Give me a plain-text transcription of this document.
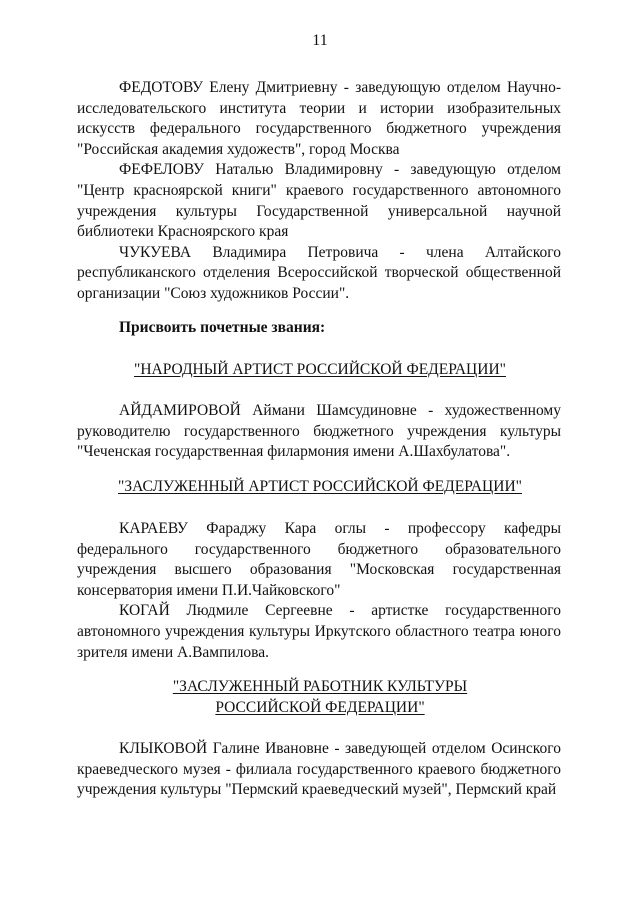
11

ФЕДОТОВУ Елену Дмитриевну - заведующую отделом Научно-исследовательского института теории и истории изобразительных искусств федерального государственного бюджетного учреждения "Российская академия художеств", город Москва

ФЕФЕЛОВУ Наталью Владимировну - заведующую отделом "Центр красноярской книги" краевого государственного автономного учреждения культуры Государственной универсальной научной библиотеки Красноярского края

ЧУКУЕВА Владимира Петровича - члена Алтайского республиканского отделения Всероссийской творческой общественной организации "Союз художников России".

Присвоить почетные звания:
"НАРОДНЫЙ АРТИСТ РОССИЙСКОЙ ФЕДЕРАЦИИ"

АЙДАМИРОВОЙ Аймани Шамсудиновне - художественному руководителю государственного бюджетного учреждения культуры "Чеченская государственная филармония имени А.Шахбулатова".

"ЗАСЛУЖЕННЫЙ АРТИСТ РОССИЙСКОЙ ФЕДЕРАЦИИ"

КАРАЕВУ Фараджу Кара оглы - профессору кафедры федерального государственного бюджетного образовательного учреждения высшего образования "Московская государственная консерватория имени П.И.Чайковского"

КОГАЙ Людмиле Сергеевне - артистке государственного автономного учреждения культуры Иркутского областного театра юного зрителя имени А.Вампилова.

"ЗАСЛУЖЕННЫЙ РАБОТНИК КУЛЬТУРЫ
РОССИЙСКОЙ ФЕДЕРАЦИИ"

КЛЫКОВОЙ Галине Ивановне - заведующей отделом Осинского краеведческого музея - филиала государственного краевого бюджетного учреждения культуры "Пермский краеведческий музей", Пермский край
